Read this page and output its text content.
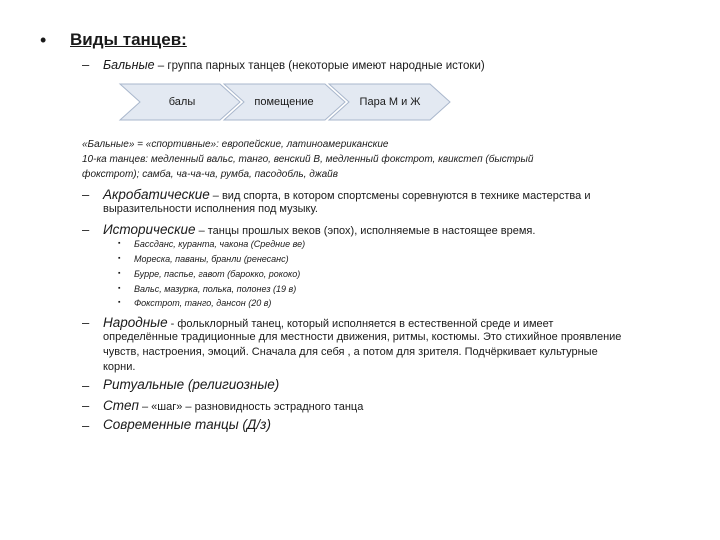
• Виды танцев:
– Бальные – группа парных танцев (некоторые имеют народные истоки)
балы	помещение	Пара М и Ж
«Бальные» = «спортивные»: европейские, латиноамериканские
10-ка танцев: медленный вальс, танго, венский В, медленный фокстрот, квикстеп (быстрый
фокстрот); самба, ча-ча-ча, румба, пасодобль, джайв
– Акробатические – вид спорта, в котором спортсмены соревнуются в технике мастерства и
выразительности исполнения под музыку.
– Исторические – танцы прошлых веков (эпох), исполняемые в настоящее время.
▪ Бассданс, куранта, чакона (Средние ве)
▪ Мореска, паваны, бранли (ренесанс)
▪ Бурре, паспье, гавот (барокко, рококо)
▪ Вальс, мазурка, полька, полонез (19 в)
▪ Фокстрот, танго, дансон (20 в)
– Народные - фольклорный танец, который исполняется в естественной среде и имеет
определённые традиционные для местности движения, ритмы, костюмы. Это стихийное проявление
чувств, настроения, эмоций. Сначала для себя , а потом для зрителя. Подчёркивает культурные
корни.
– Ритуальные (религиозные)
– Степ – «шаг» – разновидность эстрадного танца
– Современные танцы (Д/з)
